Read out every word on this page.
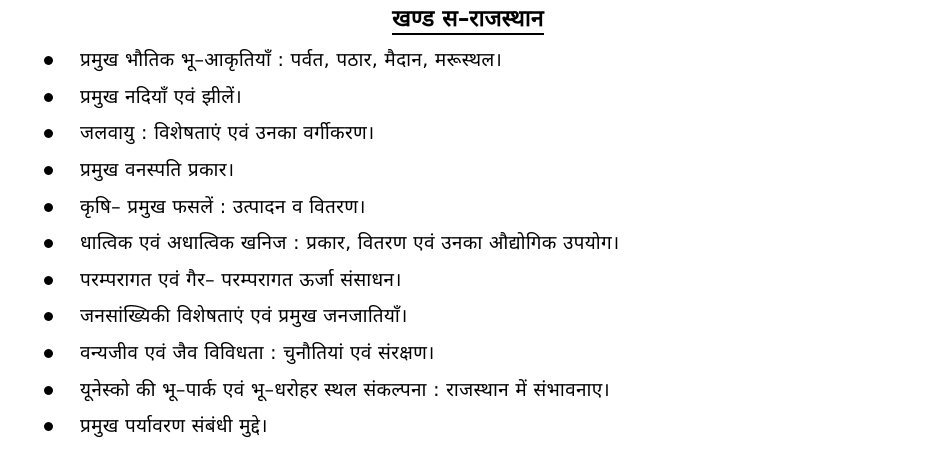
खण्ड स–राजस्थान
प्रमुख भौतिक भू–आकृतियाँ : पर्वत, पठार, मैदान, मरूस्थल।
प्रमुख नदियाँ एवं झीलें।
जलवायु : विशेषताएं एवं उनका वर्गीकरण।
प्रमुख वनस्पति प्रकार।
कृषि– प्रमुख फसलें : उत्पादन व वितरण।
धात्विक एवं अधात्विक खनिज : प्रकार, वितरण एवं उनका औद्योगिक उपयोग।
परम्परागत एवं गैर– परम्परागत ऊर्जा संसाधन।
जनसांख्यिकी विशेषताएं एवं प्रमुख जनजातियाँ।
वन्यजीव एवं जैव विविधता : चुनौतियां एवं संरक्षण।
यूनेस्को की भू–पार्क एवं भू–धरोहर स्थल संकल्पना : राजस्थान में संभावनाए।
प्रमुख पर्यावरण संबंधी मुद्दे।
